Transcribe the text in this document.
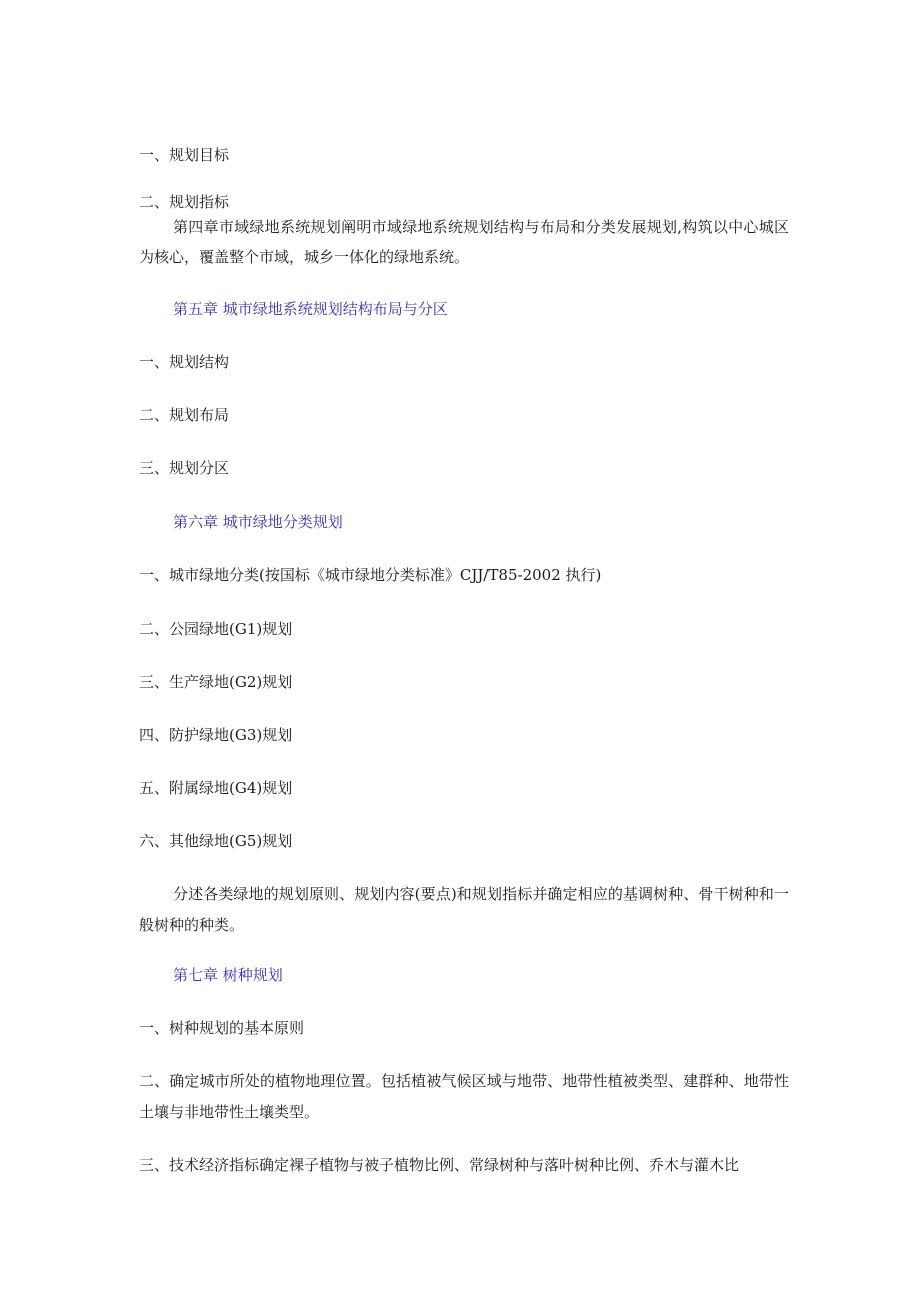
一、规划目标

二、规划指标

第四章市域绿地系统规划阐明市域绿地系统规划结构与布局和分类发展规划,构筑以中心城区为核心，覆盖整个市域，城乡一体化的绿地系统。

第五章 城市绿地系统规划结构布局与分区

一、规划结构

二、规划布局

三、规划分区

第六章 城市绿地分类规划

一、城市绿地分类(按国标《城市绿地分类标准》CJJ/T85-2002 执行)

二、公园绿地(G1)规划

三、生产绿地(G2)规划

四、防护绿地(G3)规划

五、附属绿地(G4)规划

六、其他绿地(G5)规划

分述各类绿地的规划原则、规划内容(要点)和规划指标并确定相应的基调树种、骨干树种和一般树种的种类。

第七章 树种规划

一、树种规划的基本原则

二、确定城市所处的植物地理位置。包括植被气候区域与地带、地带性植被类型、建群种、地带性土壤与非地带性土壤类型。

三、技术经济指标确定裸子植物与被子植物比例、常绿树种与落叶树种比例、乔木与灌木比
